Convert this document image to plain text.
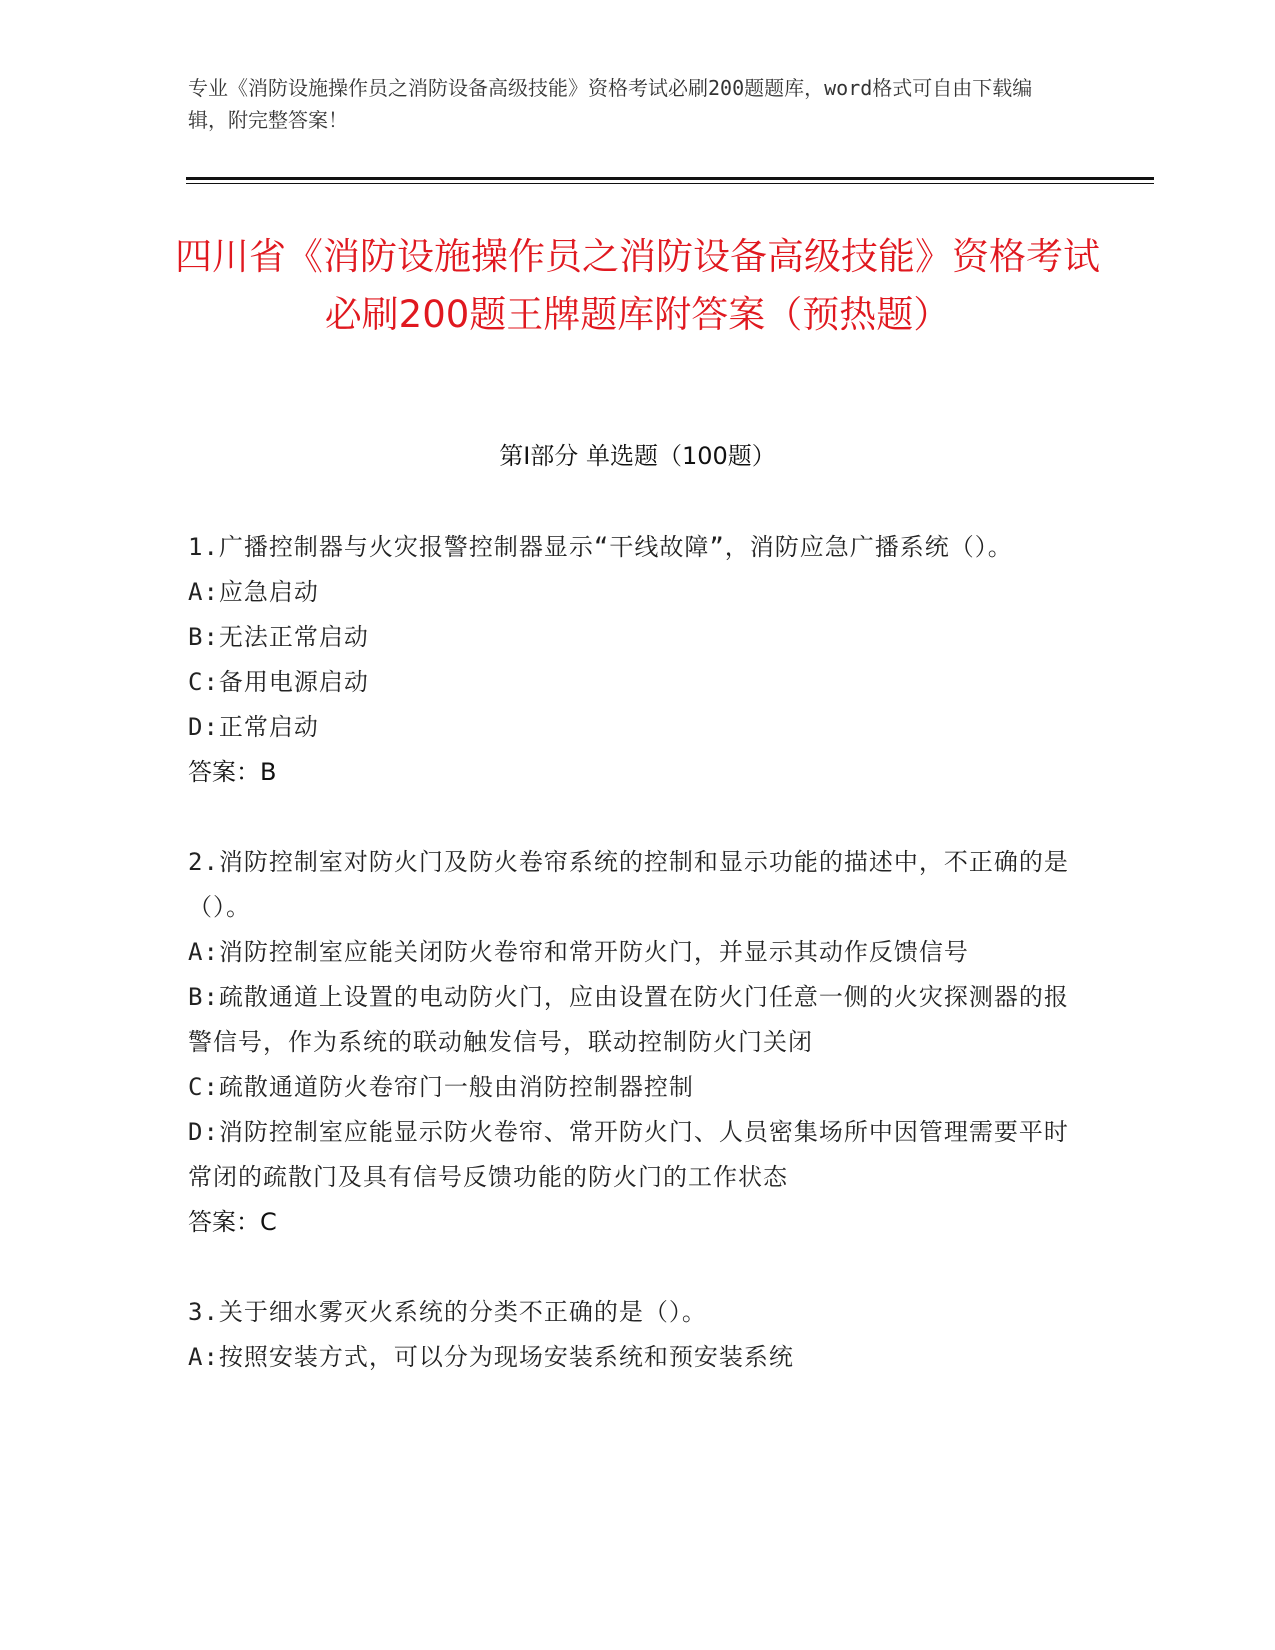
专业《消防设施操作员之消防设备高级技能》资格考试必刷200题题库，word格式可自由下载编辑，附完整答案！
四川省《消防设施操作员之消防设备高级技能》资格考试必刷200题王牌题库附答案（预热题）
第I部分 单选题（100题）
1.广播控制器与火灾报警控制器显示“干线故障”，消防应急广播系统（）。
A:应急启动
B:无法正常启动
C:备用电源启动
D:正常启动
答案：B
2.消防控制室对防火门及防火卷帘系统的控制和显示功能的描述中，不正确的是（）。
A:消防控制室应能关闭防火卷帘和常开防火门，并显示其动作反馈信号
B:疏散通道上设置的电动防火门，应由设置在防火门任意一侧的火灾探测器的报警信号，作为系统的联动触发信号，联动控制防火门关闭
C:疏散通道防火卷帘门一般由消防控制器控制
D:消防控制室应能显示防火卷帘、常开防火门、人员密集场所中因管理需要平时常闭的疏散门及具有信号反馈功能的防火门的工作状态
答案：C
3.关于细水雾灭火系统的分类不正确的是（）。
A:按照安装方式，可以分为现场安装系统和预安装系统
